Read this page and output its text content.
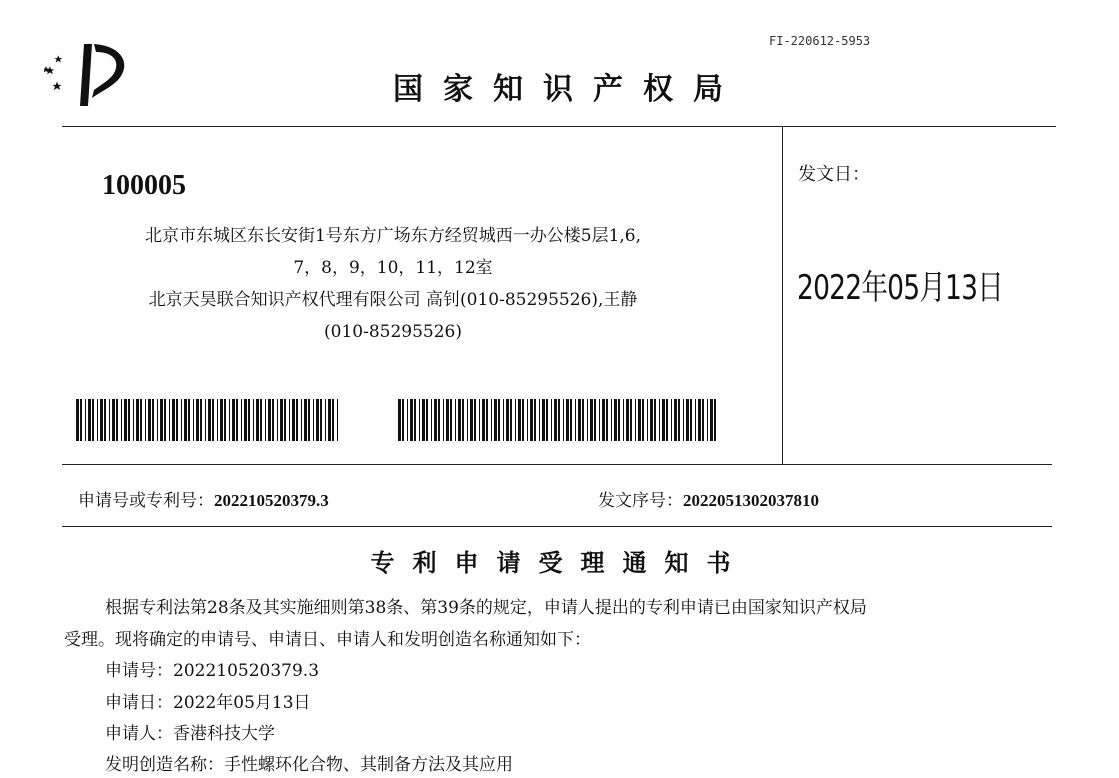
FI-220612-5953
国家知识产权局
100005
北京市东城区东长安街1号东方广场东方经贸城西一办公楼5层1,6,
7，8，9，10，11，12室
北京天昊联合知识产权代理有限公司 高钊(010-85295526),王静
(010-85295526)
发文日：
2022年05月13日
申请号或专利号：202210520379.3	发文序号：2022051302037810
专利申请受理通知书
根据专利法第28条及其实施细则第38条、第39条的规定，申请人提出的专利申请已由国家知识产权局
受理。现将确定的申请号、申请日、申请人和发明创造名称通知如下：
申请号：202210520379.3
申请日：2022年05月13日
申请人：香港科技大学
发明创造名称：手性螺环化合物、其制备方法及其应用
